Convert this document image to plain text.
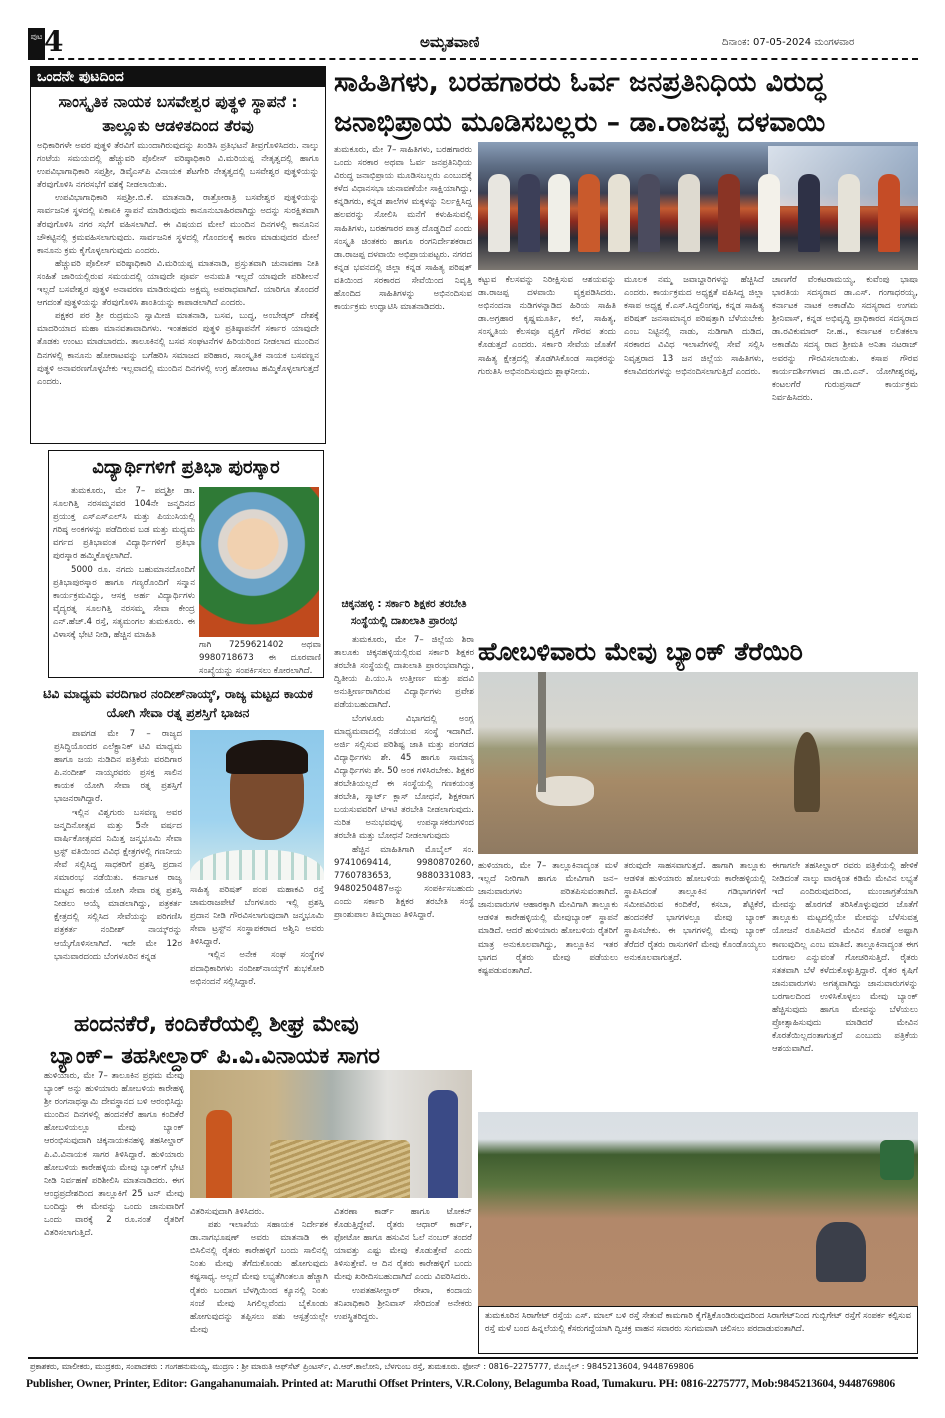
ಪುಟ 4	ಅಮೃತವಾಣಿ	ದಿನಾಂಕ: 07-05-2024 ಮಂಗಳವಾರ
ಒಂದನೇ ಪುಟದಿಂದ
ಸಾಂಸ್ಕೃತಿಕ ನಾಯಕ ಬಸವೇಶ್ವರ ಪುತ್ಥಳಿ ಸ್ಥಾಪನೆ : ತಾಲ್ಲೂಕು ಆಡಳಿತದಿಂದ ತೆರವು

ಅಧಿಕಾರಿಗಳೇ ಅವರ ಪುತ್ಥಳಿ ತೆರವಿಗೆ ಮುಂದಾಗಿರುವುದನ್ನು ಖಂಡಿಸಿ ಪ್ರತಿಭಟನೆ ತೀವ್ರಗೊಳಿಸಿದರು. ನಾಲ್ಕು ಗಂಟೆಯ ಸಮಯದಲ್ಲಿ ಹೆಚ್ಚುವರಿ ಪೊಲೀಸ್ ವರಿಷ್ಠಾಧಿಕಾರಿ ವಿ.ಮರಿಯಪ್ಪ ನೇತೃತ್ವದಲ್ಲಿ ಹಾಗೂ ಉಪವಿಭಾಗಾಧಿಕಾರಿ ಸಪ್ತಶ್ರೀ, ಡಿವೈಎಸ್‌ಪಿ ವಿನಾಯಕ ಶೆಟಗೇರಿ ನೇತೃತ್ವದಲ್ಲಿ ಬಸವೇಶ್ವರ ಪುತ್ಥಳಿಯನ್ನು ತೆರವುಗೊಳಿಸಿ ನಗರಸಭೆಗೆ ವಶಕ್ಕೆ ನೀಡಲಾಯಿತು.

ಉಪವಿಭಾಗಾಧಿಕಾರಿ ಸಪ್ತಶ್ರೀ.ಬಿ.ಕೆ. ಮಾತನಾಡಿ, ರಾತ್ರೋರಾತ್ರಿ ಬಸವೇಶ್ವರ ಪುತ್ಥಳಿಯನ್ನು ಸಾರ್ವಜನಿಕ ಸ್ಥಳದಲ್ಲಿ ಏಕಾಏಕಿ ಸ್ಥಾಪನೆ ಮಾಡಿರುವುದು ಕಾನೂನುಬಾಹಿರವಾಗಿದ್ದು ಅದನ್ನು ಸುರಕ್ಷಿತವಾಗಿ ತೆರವುಗೊಳಿಸಿ ನಗರ ಸಭೆಗೆ ವಹಿಸಲಾಗಿದೆ. ಈ ವಿಷಯದ ಮೇಲೆ ಮುಂದಿನ ದಿನಗಳಲ್ಲಿ ಕಾನೂನಿನ ಚೌಕಟ್ಟಿನಲ್ಲಿ ಕ್ರಮವಹಿಸಲಾಗುವುದು. ಸಾರ್ವಜನಿಕ ಸ್ಥಳದಲ್ಲಿ ಗೊಂದಲಕ್ಕೆ ಕಾರಣ ಮಾಡುವುದರ ಮೇಲೆ ಕಾನೂನು ಕ್ರಮ ಕೈಗೊಳ್ಳಲಾಗುವುದು ಎಂದರು.

ಹೆಚ್ಚುವರಿ ಪೊಲೀಸ್ ವರಿಷ್ಠಾಧಿಕಾರಿ ವಿ.ಮರಿಯಪ್ಪ ಮಾತನಾಡಿ, ಪ್ರಸ್ತುತವಾಗಿ ಚುನಾವಣಾ ನೀತಿ ಸಂಹಿತೆ ಜಾರಿಯಲ್ಲಿರುವ ಸಮಯದಲ್ಲಿ ಯಾವುದೇ ಪೂರ್ವ ಅನುಮತಿ ಇಲ್ಲದೆ ಯಾವುದೇ ಪರಿಶೀಲನೆ ಇಲ್ಲದೆ ಬಸವೇಶ್ವರ ಪುತ್ಥಳಿ ಅನಾವರಣ ಮಾಡಿರುವುದು ಅಕ್ಷಮ್ಯ ಅಪರಾಧವಾಗಿದೆ. ಯಾರಿಗೂ ತೊಂದರೆ ಆಗದಂತೆ ಪುತ್ಥಳಿಯನ್ನು ತೆರವುಗೊಳಿಸಿ ಶಾಂತಿಯನ್ನು ಕಾಪಾಡಲಾಗಿದೆ ಎಂದರು.

ಪಕ್ಷಕರ ಪರ ಶ್ರೀ ರುದ್ರಮುನಿ ಸ್ವಾಮೀಜಿ ಮಾತನಾಡಿ, ಬಸವ, ಬುದ್ಧ, ಅಂಬೇಡ್ಕರ್ ದೇಶಕ್ಕೆ ಮಾದರಿಯಾದ ಮಹಾ ಮಾನವತಾವಾದಿಗಳು. ಇಂತಹವರ ಪುತ್ಥಳಿ ಪ್ರತಿಷ್ಠಾಪನೆಗೆ ಸರ್ಕಾರ ಯಾವುದೇ ತೊಡಕು ಉಂಟು ಮಾಡಬಾರದು. ತಾಲೂಕಿನಲ್ಲಿ ಬಸವ ಸಂಘಟನೆಗಳ ಹಿರಿಯರಿಂದ ನೀಡಲಾದ ಮುಂದಿನ ದಿನಗಳಲ್ಲಿ ಕಾನೂನು ಹೋರಾಟವನ್ನು ಬಗೆಹರಿಸಿ ಸಮಾಜದ ಪರಿಹಾರ, ಸಾಂಸ್ಕೃತಿಕ ನಾಯಕ ಬಸವಣ್ಣನ ಪುತ್ಥಳಿ ಅನಾವರಣಗೊಳ್ಳಬೇಕು ಇಲ್ಲವಾದಲ್ಲಿ ಮುಂದಿನ ದಿನಗಳಲ್ಲಿ ಉಗ್ರ ಹೋರಾಟ ಹಮ್ಮಿಕೊಳ್ಳಲಾಗುತ್ತದೆ ಎಂದರು.

ವಿದ್ಯಾರ್ಥಿಗಳಿಗೆ ಪ್ರತಿಭಾ ಪುರಸ್ಕಾರ

ತುಮಕೂರು, ಮೇ 7– ಪದ್ಮಶ್ರೀ ಡಾ. ಸೂಲಗಿತ್ತಿ ನರಸಮ್ಮನವರ 104ನೇ ಜನ್ಮದಿನದ ಪ್ರಯುಕ್ತ ಎಸ್‌ಎಸ್‌ಎಲ್‌ಸಿ ಮತ್ತು ಪಿಯುಸಿಯಲ್ಲಿ ಗರಿಷ್ಠ ಅಂಕಗಳನ್ನು ಪಡೆದಿರುವ ಬಡ ಮತ್ತು ಮಧ್ಯಮ ವರ್ಗದ ಪ್ರತಿಭಾವಂತ ವಿದ್ಯಾರ್ಥಿಗಳಿಗೆ ಪ್ರತಿಭಾ ಪುರಸ್ಕಾರ ಹಮ್ಮಿಕೊಳ್ಳಲಾಗಿದೆ.

5000 ರೂ. ನಗದು ಬಹುಮಾನದೊಂದಿಗೆ ಪ್ರತಿಭಾಪುರಸ್ಕಾರ ಹಾಗೂ ಗಣ್ಯರೊಂದಿಗೆ ಸನ್ಮಾನ ಕಾರ್ಯಕ್ರಮವಿದ್ದು, ಆಸಕ್ತ ಅರ್ಹ ವಿದ್ಯಾರ್ಥಿಗಳು ವೈದ್ಯರತ್ನ ಸೂಲಗಿತ್ತಿ ನರಸಮ್ಮ ಸೇವಾ ಕೇಂದ್ರ ಎನ್.ಹೆಚ್.4 ರಸ್ತೆ, ಸತ್ಯಮಂಗಲ ತುಮಕೂರು. ಈ ವಿಳಾಸಕ್ಕೆ ಭೇಟಿ ನೀಡಿ, ಹೆಚ್ಚಿನ ಮಾಹಿತಿ

ಗಾಗಿ 7259621402 ಅಥವಾ 9980718673 ಈ ದೂರವಾಣಿ ಸಂಖ್ಯೆಯನ್ನು ಸಂಪರ್ಕಿಸಲು ಕೋರಲಾಗಿದೆ.
ಟಿವಿ ಮಾಧ್ಯಮ ವರದಿಗಾರ ನಂದೀಶ್‌ನಾಯ್ಕ್, ರಾಜ್ಯ ಮಟ್ಟದ ಕಾಯಕ ಯೋಗಿ ಸೇವಾ ರತ್ನ ಪ್ರಶಸ್ತಿಗೆ ಭಾಜನ

ಪಾವಗಡ ಮೇ 7 – ರಾಜ್ಯದ ಪ್ರಸಿದ್ಧಿಯೊಂದರ ಎಲೆಕ್ಟ್ರಾನಿಕ್ ಟಿವಿ ಮಾಧ್ಯಮ ಹಾಗೂ ಜಯ ನುಡಿದಿನ ಪತ್ರಿಕೆಯ ವರದಿಗಾರ ಪಿ.ನಂದೀಶ್ ನಾಯ್ಕರವರು ಪ್ರಸಕ್ತ ಸಾಲಿನ ಕಾಯಕ ಯೋಗಿ ಸೇವಾ ರತ್ನ ಪ್ರಶಸ್ತಿಗೆ ಭಾಜನರಾಗಿದ್ದಾರೆ.

ಇಲ್ಲಿನ ವಿಶ್ವಗುರು ಬಸವಣ್ಣ ಅವರ ಜನ್ಮದಿನೋತ್ಸವ ಮತ್ತು 5ನೇ ವರ್ಷದ ವಾರ್ಷಿಕೋತ್ಸವದ ನಿಮಿತ್ತ ಜನ್ಮಭೂಮಿ ಸೇವಾ ಟ್ರಸ್ಟ್ ವತಿಯಿಂದ ವಿವಿಧ ಕ್ಷೇತ್ರಗಳಲ್ಲಿ ಗಣನೀಯ ಸೇವೆ ಸಲ್ಲಿಸಿದ್ದ ಸಾಧಕರಿಗೆ ಪ್ರಶಸ್ತಿ ಪ್ರದಾನ ಸಮಾರಂಭ ನಡೆಯಿತು. ಕರ್ನಾಟಕ ರಾಜ್ಯ ಮಟ್ಟದ ಕಾಯಕ ಯೋಗಿ ಸೇವಾ ರತ್ನ ಪ್ರಶಸ್ತಿ ನೀಡಲು ಆಯ್ಕೆ ಮಾಡಲಾಗಿದ್ದು, ಪತ್ರಕರ್ತ ಕ್ಷೇತ್ರದಲ್ಲಿ ಸಲ್ಲಿಸಿದ ಸೇವೆಯನ್ನು ಪರಿಗಣಿಸಿ ಪತ್ರಕರ್ತ ನಂದೀಶ್ ನಾಯ್ಕ್‌ರನ್ನು ಆಯ್ಕೆಗೊಳಿಸಲಾಗಿದೆ. ಇದೇ ಮೇ 12ರ ಭಾನುವಾರದಂದು ಬೆಂಗಳೂರಿನ ಕನ್ನಡ

ಸಾಹಿತ್ಯ ಪರಿಷತ್ ಪಂಪ ಮಹಾಕವಿ ರಸ್ತೆ ಚಾಮರಾಜಪೇಟೆ ಬೆಂಗಳೂರು ಇಲ್ಲಿ ಪ್ರಶಸ್ತಿ ಪ್ರದಾನ ನೀಡಿ ಗೌರವಿಸಲಾಗುವುದಾಗಿ ಜನ್ಮಭೂಮಿ ಸೇವಾ ಟ್ರಸ್ಟ್‌ನ ಸಂಸ್ಥಾಪಕರಾದ ಅಶ್ವಿನಿ ಅವರು ತಿಳಿಸಿದ್ದಾರೆ.

ಇಲ್ಲಿನ ಅನೇಕ ಸಂಘ ಸಂಸ್ಥೆಗಳ ಪದಾಧಿಕಾರಿಗಳು ನಂದೀಶ್‌ನಾಯ್ಕ್‌ಗೆ ಶುಭಕೋರಿ ಅಭಿನಂದನೆ ಸಲ್ಲಿಸಿದ್ದಾರೆ.

ಸಾಹಿತಿಗಳು, ಬರಹಗಾರರು ಓರ್ವ ಜನಪ್ರತಿನಿಧಿಯ ವಿರುದ್ಧ
ಜನಾಭಿಪ್ರಾಯ ಮೂಡಿಸಬಲ್ಲರು – ಡಾ.ರಾಜಪ್ಪ ದಳವಾಯಿ
ತುಮಕೂರು, ಮೇ 7– ಸಾಹಿತಿಗಳು, ಬರಹಗಾರರು ಒಂದು ಸರಕಾರ ಅಥವಾ ಓರ್ವ ಜನಪ್ರತಿನಿಧಿಯ ವಿರುದ್ಧ ಜನಾಭಿಪ್ರಾಯ ಮೂಡಿಸಬಲ್ಲರು ಎಂಬುದಕ್ಕೆ ಕಳೆದ ವಿಧಾನಸಭಾ ಚುನಾವಣೆಯೇ ಸಾಕ್ಷಿಯಾಗಿದ್ದು, ಕನ್ನಡಿಗರು, ಕನ್ನಡ ಶಾಲೆಗಳ ಮಕ್ಕಳನ್ನು ನಿರ್ಲಕ್ಷಿಸಿದ್ದ ಹಲವರನ್ನು ಸೋಲಿಸಿ ಮನೆಗೆ ಕಳುಹಿಸುವಲ್ಲಿ ಸಾಹಿತಿಗಳು, ಬರಹಗಾರರ ಪಾತ್ರ ದೊಡ್ಡದಿದೆ ಎಂದು ಸಂಸ್ಕೃತಿ ಚಿಂತಕರು ಹಾಗೂ ರಂಗನಿರ್ದೇಶಕರಾದ ಡಾ.ರಾಜಪ್ಪ ದಳವಾಯಿ ಅಭಿಪ್ರಾಯಪಟ್ಟರು. ನಗರದ ಕನ್ನಡ ಭವನದಲ್ಲಿ ಜಿಲ್ಲಾ ಕನ್ನಡ ಸಾಹಿತ್ಯ ಪರಿಷತ್ ವತಿಯಿಂದ ಸರಕಾರದ ಸೇವೆಯಿಂದ ನಿವೃತ್ತಿ ಹೊಂದಿದ ಸಾಹಿತಿಗಳನ್ನು ಅಭಿನಂದಿಸುವ ಕಾರ್ಯಕ್ರಮ ಉದ್ಘಾಟಿಸಿ ಮಾತನಾಡಿದರು.
ಕಟ್ಟುವ ಕೆಲಸವನ್ನು ನಿರೀಕ್ಷಿಸುವ ಆಶಯವನ್ನು ಡಾ.ರಾಜಪ್ಪ ದಳವಾಯಿ ವ್ಯಕ್ತಪಡಿಸಿದರು. ಅಭಿನಂದನಾ ನುಡಿಗಳನ್ನಾಡಿದ ಹಿರಿಯ ಸಾಹಿತಿ ಡಾ.ಅಗ್ರಹಾರ ಕೃಷ್ಣಮೂರ್ತಿ, ಕಲೆ, ಸಾಹಿತ್ಯ, ಸಂಸ್ಕೃತಿಯ ಕೆಲಸವೂ ವ್ಯಕ್ತಿಗೆ ಗೌರವ ತಂದು ಕೊಡುತ್ತದೆ ಎಂದರು. ಸರ್ಕಾರಿ ಸೇವೆಯ ಜೊತೆಗೆ ಸಾಹಿತ್ಯ ಕ್ಷೇತ್ರದಲ್ಲಿ ತೊಡಗಿಸಿಕೊಂಡ ಸಾಧಕರನ್ನು ಗುರುತಿಸಿ ಅಭಿನಂದಿಸುವುದು ಶ್ಲಾಘನೀಯ.
ಮೂಲಕ ನಮ್ಮ ಜವಾಬ್ದಾರಿಗಳನ್ನು ಹೆಚ್ಚಿಸಿದೆ ಎಂದರು. ಕಾರ್ಯಕ್ರಮದ ಅಧ್ಯಕ್ಷತೆ ವಹಿಸಿದ್ದ ಜಿಲ್ಲಾ ಕಸಾಪ ಅಧ್ಯಕ್ಷ ಕೆ.ಎಸ್.ಸಿದ್ದಲಿಂಗಪ್ಪ, ಕನ್ನಡ ಸಾಹಿತ್ಯ ಪರಿಷತ್ ಜನಸಾಮಾನ್ಯರ ಪರಿಷತ್ತಾಗಿ ಬೆಳೆಯಬೇಕು ಎಂಬ ನಿಟ್ಟಿನಲ್ಲಿ ನಾಡು, ನುಡಿಗಾಗಿ ದುಡಿದ, ಸರಕಾರದ ವಿವಿಧ ಇಲಾಖೆಗಳಲ್ಲಿ ಸೇವೆ ಸಲ್ಲಿಸಿ ನಿವೃತ್ತರಾದ 13 ಜನ ಜಿಲ್ಲೆಯ ಸಾಹಿತಿಗಳು, ಕಲಾವಿದರುಗಳನ್ನು ಅಭಿನಂದಿಸಲಾಗುತ್ತಿದೆ ಎಂದರು.
ಚಾಣಗೆರೆ ವೆಂಕಟರಾಮಯ್ಯ, ಕುವೆಂಪು ಭಾಷಾ ಭಾರತಿಯ ಸದಸ್ಯರಾದ ಡಾ.ಎಸ್. ಗಂಗಾಧರಯ್ಯ, ಕರ್ನಾಟಕ ನಾಟಕ ಅಕಾಡೆಮಿ ಸದಸ್ಯರಾದ ಉಗಮ ಶ್ರೀನಿವಾಸ್, ಕನ್ನಡ ಅಭಿವೃದ್ಧಿ ಪ್ರಾಧಿಕಾರದ ಸದಸ್ಯರಾದ ಡಾ.ರವಿಕುಮಾರ್ ನೀ.ಹ., ಕರ್ನಾಟಕ ಲಲಿತಕಲಾ ಅಕಾಡೆಮಿ ಸದಸ್ಯ ರಾದ ಶ್ರೀಮತಿ ಅನಿತಾ ನಟರಾಜ್ ಅವರನ್ನು ಗೌರವಿಸಲಾಯಿತು. ಕಸಾಪ ಗೌರವ ಕಾರ್ಯದರ್ಶಿಗಳಾದ ಡಾ.ಬಿ.ಎನ್. ಯೋಗೀಶ್ವರಪ್ಪ, ಕಂಟಲಗೆರೆ ಗುರುಪ್ರಸಾದ್ ಕಾರ್ಯಕ್ರಮ ನಿರ್ವಹಿಸಿದರು.
ಚಿಕ್ಕನಹಳ್ಳಿ : ಸರ್ಕಾರಿ ಶಿಕ್ಷಕರ ತರಬೇತಿ ಸಂಸ್ಥೆಯಲ್ಲಿ ದಾಖಲಾತಿ ಪ್ರಾರಂಭ

ತುಮಕೂರು, ಮೇ 7– ಜಿಲ್ಲೆಯ ಶಿರಾ ತಾಲೂಕು ಚಿಕ್ಕನಹಳ್ಳಿಯಲ್ಲಿರುವ ಸರ್ಕಾರಿ ಶಿಕ್ಷಕರ ತರಬೇತಿ ಸಂಸ್ಥೆಯಲ್ಲಿ ದಾಖಲಾತಿ ಪ್ರಾರಂಭವಾಗಿದ್ದು, ದ್ವಿತೀಯ ಪಿ.ಯು.ಸಿ ಉತ್ತೀರ್ಣ ಮತ್ತು ಪದವಿ ಅನುತ್ತೀರ್ಣರಾಗಿರುವ ವಿದ್ಯಾರ್ಥಿಗಳು ಪ್ರವೇಶ ಪಡೆಯಬಹುದಾಗಿದೆ.

ಬೆಂಗಳೂರು ವಿಭಾಗದಲ್ಲಿ ಅಂಗ್ಲ ಮಾಧ್ಯಮವಾದಲ್ಲಿ ನಡೆಯುವ ಸಂಸ್ಥೆ ಇದಾಗಿದೆ. ಅರ್ಜಿ ಸಲ್ಲಿಸುವ ಪರಿಶಿಷ್ಟ ಜಾತಿ ಮತ್ತು ಪಂಗಡದ ವಿದ್ಯಾರ್ಥಿಗಳು ಶೇ. 45 ಹಾಗೂ ಸಾಮಾನ್ಯ ವಿದ್ಯಾರ್ಥಿಗಳು ಶೇ. 50 ಅಂಕ ಗಳಿಸಿರಬೇಕು. ಶಿಕ್ಷಕರ ತರಬೇತಿಯಲ್ಲದೆ ಈ ಸಂಸ್ಥೆಯಲ್ಲಿ ಗಣಕಯಂತ್ರ ತರಬೇತಿ, ಸ್ಮಾರ್ಟ್ ಕ್ಲಾಸ್ ಬೋಧನೆ, ಶಿಕ್ಷಕರಾಗ ಬಯಸುವವರಿಗೆ ಟಿಇಟಿ ತರಬೇತಿ ನೀಡಲಾಗುವುದು. ನುರಿತ ಅನುಭವವುಳ್ಳ ಉಪನ್ಯಾಸಕರುಗಳಿಂದ ತರಬೇತಿ ಮತ್ತು ಬೋಧನೆ ನೀಡಲಾಗುವುದು

ಹೆಚ್ಚಿನ ಮಾಹಿತಿಗಾಗಿ ಮೊಬೈಲ್ ಸಂ. 9741069414, 9980870260, 7760783653, 9880331083, 9480250487ಅನ್ನು ಸಂಪರ್ಕಿಸಬಹುದು ಎಂದು ಸರ್ಕಾರಿ ಶಿಕ್ಷಕರ ತರಬೇತಿ ಸಂಸ್ಥೆ ಪ್ರಾಂಶುಪಾಲ ತಿಮ್ಮರಾಜು ತಿಳಿಸಿದ್ದಾರೆ.

ಹೋಬಳಿವಾರು ಮೇವು ಬ್ಯಾಂಕ್ ತೆರೆಯಿರಿ
ಹುಳಿಯಾರು, ಮೇ 7– ತಾಲ್ಲೂಕಿನಾದ್ಯಂತ ಮಳೆ ಇಲ್ಲದೆ ನೀರಿಗಾಗಿ ಹಾಗೂ ಮೇವಿಗಾಗಿ ಜನ–ಜಾನುವಾರುಗಳು ಪರಿತಪಿಸುವಂತಾಗಿದೆ. ಜಾನುವಾರುಗಳ ಆಹಾರಕ್ಕಾಗಿ ಮೇವಿಗಾಗಿ ತಾಲ್ಲೂಕು ಆಡಳಿತ ಕಾರೇಹಳ್ಳಿಯಲ್ಲಿ ಮೇವುಬ್ಯಾಂಕ್ ಸ್ಥಾಪನೆ ಮಾಡಿದೆ. ಆದರೆ ಹುಳಿಯಾರು ಹೋಬಳಿಯ ರೈತರಿಗೆ ಮಾತ್ರ ಅನುಕೂಲವಾಗಿದ್ದು, ತಾಲ್ಲೂಕಿನ ಇತರ ಭಾಗದ ರೈತರು ಮೇವು ಪಡೆಯಲು ಕಷ್ಟಪಡುವಂತಾಗಿದೆ.
ತರುವುದೇ ಸಾಹಸವಾಗುತ್ತದೆ. ಹಾಗಾಗಿ ತಾಲ್ಲೂಕು ಆಡಳಿತ ಹುಳಿಯಾರು ಹೋಬಳಿಯ ಕಾರೇಹಳ್ಳಿಯಲ್ಲಿ ಸ್ಥಾಪಿಸಿದಂತೆ ತಾಲ್ಲೂಕಿನ ಗಡಿಭಾಗಗಳಿಗೆ ಸಮೀಪವಿರುವ ಕಂದಿಕೆರೆ, ಕಸಬಾ, ಶೆಟ್ಟಿಕೆರೆ, ಹಂದನಕೆರೆ ಭಾಗಗಳಲ್ಲೂ ಮೇವು ಬ್ಯಾಂಕ್ ಸ್ಥಾಪಿಸಬೇಕು. ಈ ಭಾಗಗಳಲ್ಲಿ ಮೇವು ಬ್ಯಾಂಕ್ ತೆರೆದರೆ ರೈತರು ರಾಸುಗಳಿಗೆ ಮೇವು ಕೊಂಡೊಯ್ಯಲು ಅನುಕೂಲವಾಗುತ್ತದೆ.
ಈಗಾಗಲೇ ತಹಸೀಲ್ದಾರ್ ರವರು ಪತ್ರಿಕೆಯಲ್ಲಿ ಹೇಳಿಕೆ ನೀಡಿದಂತೆ ನಾಲ್ಕು ವಾರಕ್ಕಿಂತ ಕಡಿಮೆ ಮೇವಿನ ಲಭ್ಯತೆ ಇದೆ ಎಂದಿರುವುದರಿಂದ, ಮುಂಜಾಗ್ರತೆಯಾಗಿ ಮೇವನ್ನು ಹೊರಗಡೆ ತರಿಸಿಕೊಳ್ಳುವುದರ ಜೊತೆಗೆ ತಾಲ್ಲೂಕು ಮಟ್ಟದಲ್ಲಿಯೇ ಮೇವನ್ನು ಬೆಳೆಸುವತ್ತ ಯೋಜನೆ ರೂಪಿಸಿದರೆ ಮೇವಿನ ಕೊರತೆ ಅಷ್ಟಾಗಿ ಕಾಣುವುದಿಲ್ಲ ಎಂಬ ಮಾತಿದೆ. ತಾಲ್ಲೂಕಿನಾದ್ಯಂತ ಈಗ ಬರಗಾಲ ಎನ್ನುವಂತೆ ಗೋಚರಿಸುತ್ತಿದೆ. ರೈತರು ಸತತವಾಗಿ ಬೆಳೆ ಕಳೆದುಕೊಳ್ಳುತ್ತಿದ್ದಾರೆ. ರೈತರ ಕೃಷಿಗೆ ಜಾನುವಾರುಗಳು ಅಗತ್ಯವಾಗಿದ್ದು ಜಾನುವಾರುಗಳನ್ನು ಬರಗಾಲದಿಂದ ಉಳಿಸಿಕೊಳ್ಳಲು ಮೇವು ಬ್ಯಾಂಕ್ ಹೆಚ್ಚಿಸುವುದು ಹಾಗೂ ಮೇವನ್ನು ಬೆಳೆಯಲು ಪ್ರೋತ್ಸಾಹಿಸುವುದು ಮಾಡಿದರೆ ಮೇವಿನ ಕೊರತೆಯಿಲ್ಲದಂತಾಗುತ್ತದೆ ಎಂಬುದು ಪತ್ರಿಕೆಯ ಆಶಯವಾಗಿದೆ.
ಹಂದನಕೆರೆ, ಕಂದಿಕೆರೆಯಲ್ಲಿ ಶೀಘ್ರ ಮೇವು
ಬ್ಯಾಂಕ್– ತಹಸೀಲ್ದಾರ್ ಪಿ.ವಿ.ವಿನಾಯಕ ಸಾಗರ
ಹುಳಿಯಾರು, ಮೇ 7– ತಾಲೂಕಿನ ಪ್ರಥಮ ಮೇವು ಬ್ಯಾಂಕ್ ಅನ್ನು ಹುಳಿಯಾರು ಹೋಬಳಿಯ ಕಾರೇಹಳ್ಳಿ ಶ್ರೀ ರಂಗನಾಥಸ್ವಾಮಿ ದೇವಸ್ಥಾನದ ಬಳಿ ಆರಂಭಿಸಿದ್ದು ಮುಂದಿನ ದಿನಗಳಲ್ಲಿ ಹಂದನಕೆರೆ ಹಾಗೂ ಕಂದಿಕೆರೆ ಹೋಬಳಿಯಲ್ಲೂ ಮೇವು ಬ್ಯಾಂಕ್ ಆರಂಭಿಸುವುದಾಗಿ ಚಿಕ್ಕನಾಯಕನಹಳ್ಳಿ ತಹಸೀಲ್ದಾರ್ ಪಿ.ವಿ.ವಿನಾಯಕ ಸಾಗರ ತಿಳಿಸಿದ್ದಾರೆ. ಹುಳಿಯಾರು ಹೋಬಳಿಯ ಕಾರೇಹಳ್ಳಿಯ ಮೇವು ಬ್ಯಾಂಕ್‌ಗೆ ಭೇಟಿ ನೀಡಿ ನಿರ್ವಹಣೆ ಪರಿಶೀಲಿಸಿ ಮಾತನಾಡಿದರು. ಈಗ ಆಂಧ್ರಪ್ರದೇಶದಿಂದ ತಾಲ್ಲೂಕಿಗೆ 25 ಟನ್ ಮೇವು ಬಂದಿದ್ದು ಈ ಮೇವನ್ನು ಒಂದು ಜಾನುವಾರಿಗೆ ಒಂದು ವಾರಕ್ಕೆ 2 ರೂ.ನಂತೆ ರೈತರಿಗೆ ವಿತರಿಸಲಾಗುತ್ತಿದೆ.

ವಿತರಿಸುವುದಾಗಿ ತಿಳಿಸಿದರು.

ಪಶು ಇಲಾಖೆಯ ಸಹಾಯಕ ನಿರ್ದೇಶಕ ಡಾ.ನಾಗಭೂಷಣ್ ಅವರು ಮಾತನಾಡಿ ಈ ಬಿಸಿಲಿನಲ್ಲಿ ರೈತರು ಕಾರೇಹಳ್ಳಿಗೆ ಬಂದು ಸಾಲಿನಲ್ಲಿ ನಿಂತು ಮೇವು ತೆಗೆದುಕೊಂಡು ಹೋಗುವುದು ಕಷ್ಟಸಾಧ್ಯ. ಅಲ್ಲದೆ ಮೇವು ಲಭ್ಯತೆಗಿಂತಲೂ ಹೆಚ್ಚಾಗಿ ರೈತರು ಬಂದಾಗ ಬೆಳಗ್ಗಿಯಿಂದ ಕ್ಯೂನಲ್ಲಿ ನಿಂತು ಸಂಜೆ ಮೇವು ಸಿಗಲಿಲ್ಲವೆಂದು ಬೈಕೊಂಡು ಹೋಗುವುದನ್ನು ತಪ್ಪಿಸಲು ಪಶು ಆಸ್ಪತ್ರೆಯಲ್ಲೇ ಮೇವು

ವಿತರಣಾ ಕಾರ್ಡ್ ಹಾಗೂ ಟೋಕನ್ ಕೊಡುತ್ತಿದ್ದೇವೆ. ರೈತರು ಆಧಾರ್ ಕಾರ್ಡ್, ಫೋಟೋ ಹಾಗೂ ಹಸುವಿನ ಓಲೆ ನಂಬರ್ ತಂದರೆ ಯಾವತ್ತು ಎಷ್ಟು ಮೇವು ಕೊಡುತ್ತೇವೆ ಎಂದು ತಿಳಿಸುತ್ತೇವೆ. ಆ ದಿನ ರೈತರು ಕಾರೇಹಳ್ಳಿಗೆ ಬಂದು ಮೇವು ಖರೀದಿಸಬಹುದಾಗಿದೆ ಎಂದು ವಿವರಿಸಿದರು.

ಉಪತಹಸೀಲ್ದಾರ್ ರೇಖಾ, ಕಂದಾಯ ತನಿಖಾಧಿಕಾರಿ ಶ್ರೀನಿವಾಸ್ ಸೇರಿದಂತೆ ಅನೇಕರು ಉಪಸ್ಥಿತರಿದ್ದರು.	ತುಮಕೂರಿನ ಸಿರಾಗೇಟ್ ರಸ್ತೆಯ ಎಸ್. ಮಾಲ್ ಬಳಿ ರಸ್ತೆ ಸೇತುವೆ ಕಾಮಗಾರಿ ಕೈಗೆತ್ತಿಕೊಂಡಿರುವುದರಿಂದ ಸಿರಾಗೇಟ್‌ನಿಂದ ಗುಬ್ಬಿಗೇಟ್ ರಸ್ತೆಗೆ ಸಂಪರ್ಕ ಕಲ್ಪಿಸುವ ರಸ್ತೆ ಮಳೆ ಬಂದ ಹಿನ್ನಲೆಯಲ್ಲಿ ಕೆಸರುಗದ್ದೆಯಾಗಿ ದ್ವಿಚಕ್ರ ವಾಹನ ಸವಾರರು ಸುಗಮವಾಗಿ ಚಲಿಸಲು ಪರದಾಡುವಂತಾಗಿದೆ.
ಪ್ರಕಾಶಕರು, ಮಾಲೀಕರು, ಮುದ್ರಕರು, ಸಂಪಾದಕರು : ಗಂಗಹನುಮಯ್ಯ, ಮುದ್ರಣ : ಶ್ರೀ ಮಾರುತಿ ಆಫ್‌ಸೆಟ್ ಪ್ರಿಂಟರ್ಸ್, ವಿ.ಆರ್.ಕಾಲೋನಿ, ಬೆಳಗುಂಬ ರಸ್ತೆ, ತುಮಕೂರು. ಫೋನ್ : 0816–2275777, ಮೊಬೈಲ್ : 9845213604, 9448769806
Publisher, Owner, Printer, Editor: Gangahanumaiah. Printed at: Maruthi Offset Printers, V.R.Colony, Belagumba Road, Tumakuru. PH: 0816-2275777, Mob:9845213604, 9448769806
